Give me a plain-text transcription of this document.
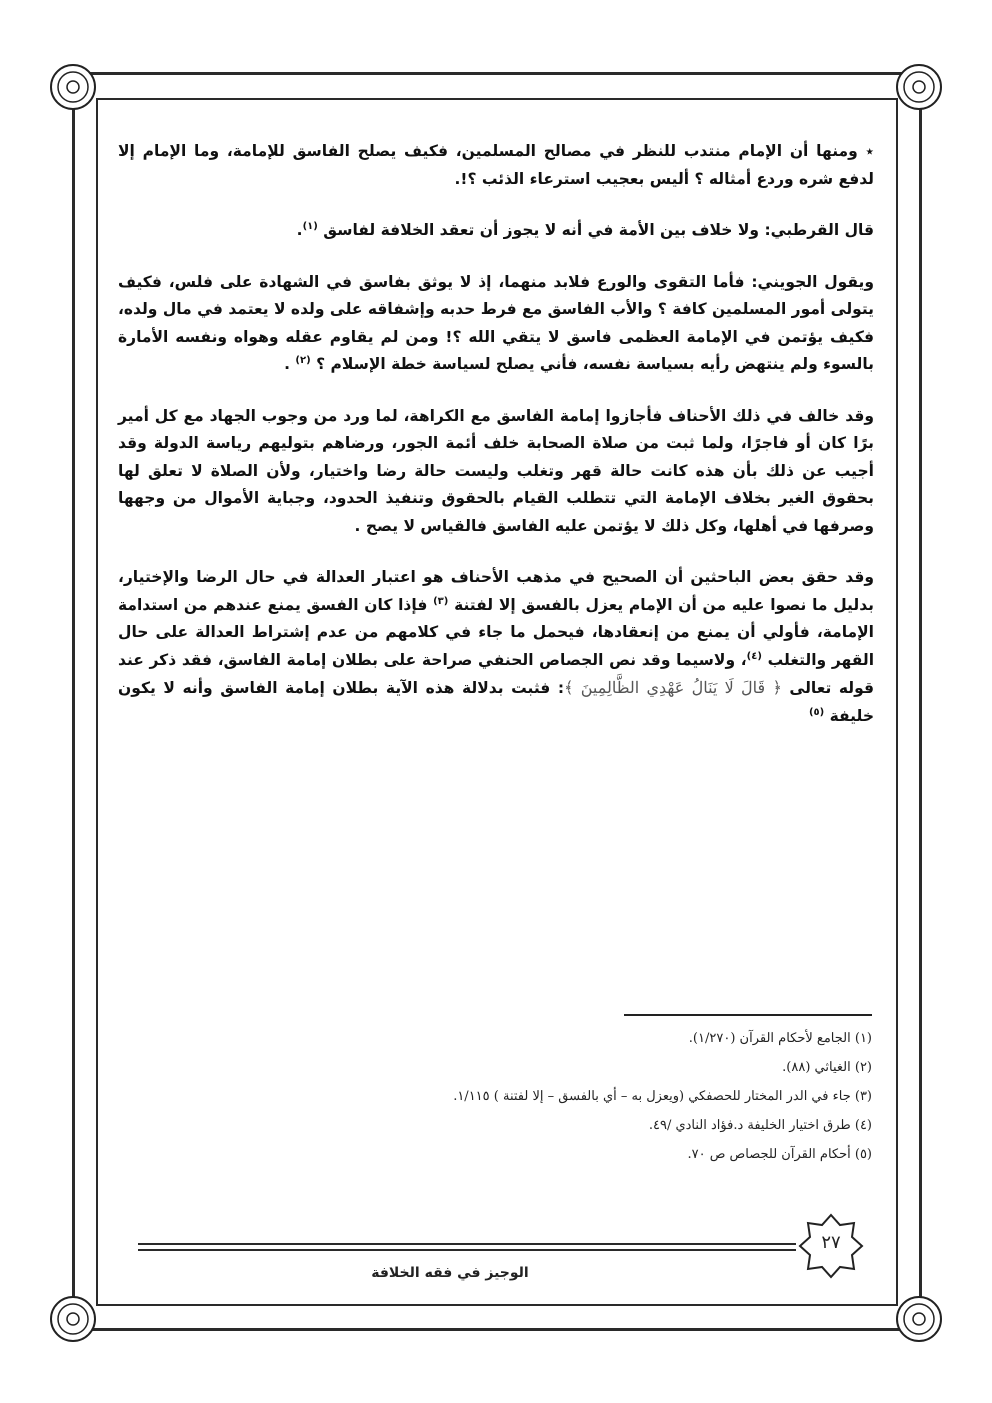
٭ ومنها أن الإمام منتدب للنظر في مصالح المسلمين، فكيف يصلح الفاسق للإمامة، وما الإمام إلا لدفع شره وردع أمثاله ؟ أليس بعجيب استرعاء الذئب ؟!.

قال القرطبي: ولا خلاف بين الأمة في أنه لا يجوز أن تعقد الخلافة لفاسق $^{(١)}$.

ويقول الجويني: فأما التقوى والورع فلابد منهما، إذ لا يوثق بفاسق في الشهادة على فلس، فكيف يتولى أمور المسلمين كافة ؟ والأب الفاسق مع فرط حدبه وإشفاقه على ولده لا يعتمد في مال ولده، فكيف يؤتمن في الإمامة العظمى فاسق لا يتقي الله ؟! ومن لم يقاوم عقله وهواه ونفسه الأمارة بالسوء ولم ينتهض رأيه بسياسة نفسه، فأني يصلح لسياسة خطة الإسلام ؟ $^{(٢)}$ .

وقد خالف في ذلك الأحناف فأجازوا إمامة الفاسق مع الكراهة، لما ورد من وجوب الجهاد مع كل أمير برًا كان أو فاجرًا، ولما ثبت من صلاة الصحابة خلف أئمة الجور، ورضاهم بتوليهم رياسة الدولة وقد أجيب عن ذلك بأن هذه كانت حالة قهر وتغلب وليست حالة رضا واختيار، ولأن الصلاة لا تعلق لها بحقوق الغير بخلاف الإمامة التي تتطلب القيام بالحقوق وتنفيذ الحدود، وجباية الأموال من وجهها وصرفها في أهلها، وكل ذلك لا يؤتمن عليه الفاسق فالقياس لا يصح .

وقد حقق بعض الباحثين أن الصحيح في مذهب الأحناف هو اعتبار العدالة في حال الرضا والإختيار، بدليل ما نصوا عليه من أن الإمام يعزل بالفسق إلا لفتنة $^{(٣)}$ فإذا كان الفسق يمنع عندهم من استدامة الإمامة، فأولي أن يمنع من إنعقادها، فيحمل ما جاء في كلامهم من عدم إشتراط العدالة على حال القهر والتغلب $^{(٤)}$، ولاسيما وقد نص الجصاص الحنفي صراحة على بطلان إمامة الفاسق، فقد ذكر عند قوله تعالى ﴿ قَالَ لَا يَنَالُ عَهْدِي الظَّالِمِينَ ﴾: فثبت بدلالة هذه الآية بطلان إمامة الفاسق وأنه لا يكون خليفة $^{(٥)}$

(١) الجامع لأحكام القرآن (١/٢٧٠).
(٢) الغياثي (٨٨).
(٣) جاء في الدر المختار للحصفكي (ويعزل به – أي بالفسق – إلا لفتنة ) ١/١١٥.
(٤) طرق اختيار الخليفة د.فؤاد النادي /٤٩.
(٥) أحكام القرآن للجصاص ص ٧٠.
٢٧
الوجيز في فقه الخلافة
